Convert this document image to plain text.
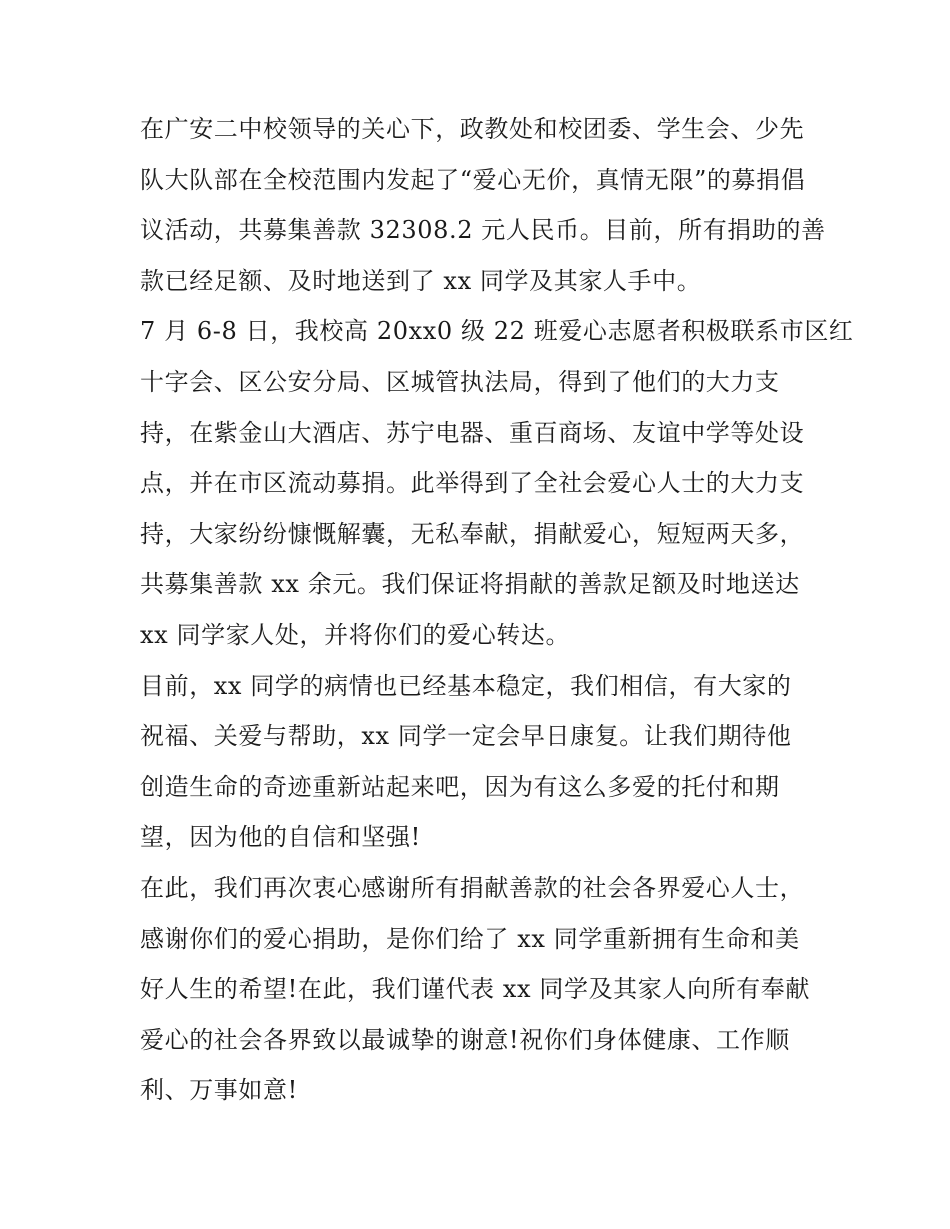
在广安二中校领导的关心下，政教处和校团委、学生会、少先
队大队部在全校范围内发起了“爱心无价，真情无限”的募捐倡
议活动，共募集善款 32308.2 元人民币。目前，所有捐助的善
款已经足额、及时地送到了 xx 同学及其家人手中。
7 月 6-8 日，我校高 20xx0 级 22 班爱心志愿者积极联系市区红
十字会、区公安分局、区城管执法局，得到了他们的大力支
持，在紫金山大酒店、苏宁电器、重百商场、友谊中学等处设
点，并在市区流动募捐。此举得到了全社会爱心人士的大力支
持，大家纷纷慷慨解囊，无私奉献，捐献爱心，短短两天多，
共募集善款 xx 余元。我们保证将捐献的善款足额及时地送达
xx 同学家人处，并将你们的爱心转达。
目前，xx 同学的病情也已经基本稳定，我们相信，有大家的
祝福、关爱与帮助，xx 同学一定会早日康复。让我们期待他
创造生命的奇迹重新站起来吧，因为有这么多爱的托付和期
望，因为他的自信和坚强!
在此，我们再次衷心感谢所有捐献善款的社会各界爱心人士，
感谢你们的爱心捐助，是你们给了 xx 同学重新拥有生命和美
好人生的希望!在此，我们谨代表 xx 同学及其家人向所有奉献
爱心的社会各界致以最诚挚的谢意!祝你们身体健康、工作顺
利、万事如意!
